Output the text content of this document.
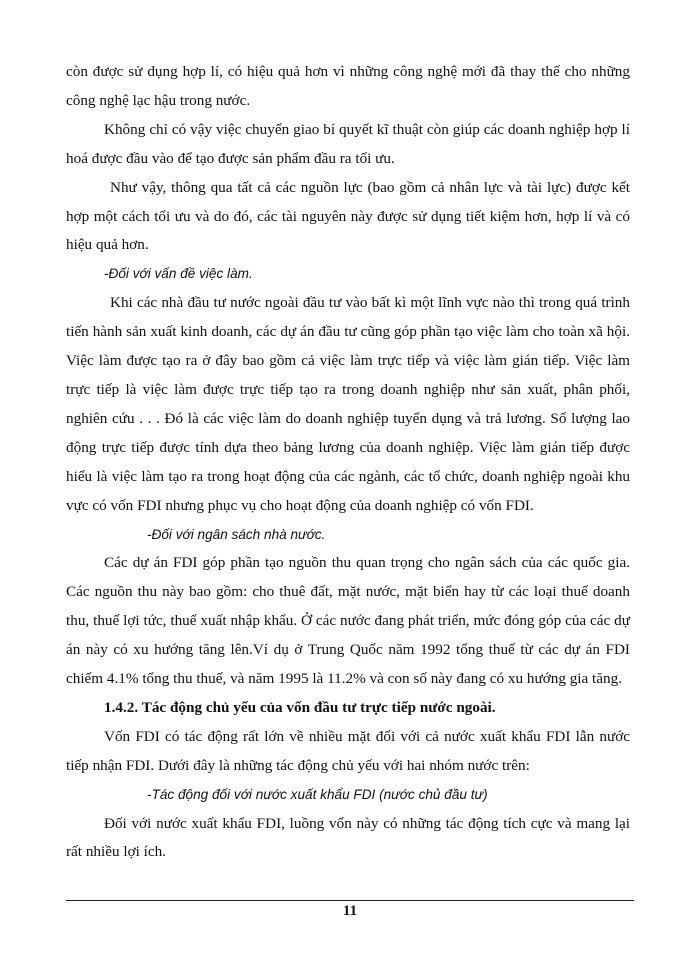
còn được sử dụng hợp lí, có hiệu quả hơn vì những công nghệ mới đã thay thế cho những công nghệ lạc hậu trong nước.

Không chỉ có vậy việc chuyển giao bí quyết kĩ thuật còn giúp các doanh nghiệp hợp lí hoá được đầu vào để tạo được sản phẩm đầu ra tối ưu.

Như vậy, thông qua tất cả các nguồn lực (bao gồm cả nhân lực và tài lực) được kết hợp một cách tối ưu và do đó, các tài nguyên này được sử dụng tiết kiệm hơn, hợp lí và có hiệu quả hơn.

-Đối với vấn đề việc làm.

Khi các nhà đầu tư nước ngoài đầu tư vào bất kì một lĩnh vực nào thì trong quá trình tiến hành sản xuất kinh doanh, các dự án đầu tư cũng góp phần tạo việc làm cho toàn xã hội. Việc làm được tạo ra ở đây bao gồm cả việc làm trực tiếp và việc làm gián tiếp. Việc làm trực tiếp là việc làm được trực tiếp tạo ra trong doanh nghiệp như sản xuất, phân phối, nghiên cứu . . . Đó là các việc làm do doanh nghiệp tuyển dụng và trả lương. Số lượng lao động trực tiếp được tính dựa theo bảng lương của doanh nghiệp. Việc làm gián tiếp được hiểu là việc làm tạo ra trong hoạt động của các ngành, các tổ chức, doanh nghiệp ngoài khu vực có vốn FDI nhưng phục vụ cho hoạt động của doanh nghiệp có vốn FDI.

-Đối với ngân sách nhà nước.

Các dự án FDI góp phần tạo nguồn thu quan trọng cho ngân sách của các quốc gia. Các nguồn thu này bao gồm: cho thuê đất, mặt nước, mặt biển hay từ các loại thuế doanh thu, thuế lợi tức, thuế xuất nhập khẩu. Ở các nước đang phát triển, mức đóng góp của các dự án này có xu hướng tăng lên.Ví dụ ở Trung Quốc năm 1992 tổng thuế từ các dự án FDI chiếm 4.1% tổng thu thuế, và năm 1995 là 11.2% và con số này đang có xu hướng gia tăng.

1.4.2. Tác động chủ yếu của vốn đầu tư trực tiếp nước ngoài.

Vốn FDI có tác động rất lớn về nhiều mặt đối với cả nước xuất khẩu FDI lẫn nước tiếp nhận FDI. Dưới đây là những tác động chủ yếu với hai nhóm nước trên:

-Tác động đối với nước xuất khẩu FDI (nước chủ đầu tư)

Đối với nước xuất khẩu FDI, luồng vốn này có những tác động tích cực và mang lại rất nhiều lợi ích.

11
